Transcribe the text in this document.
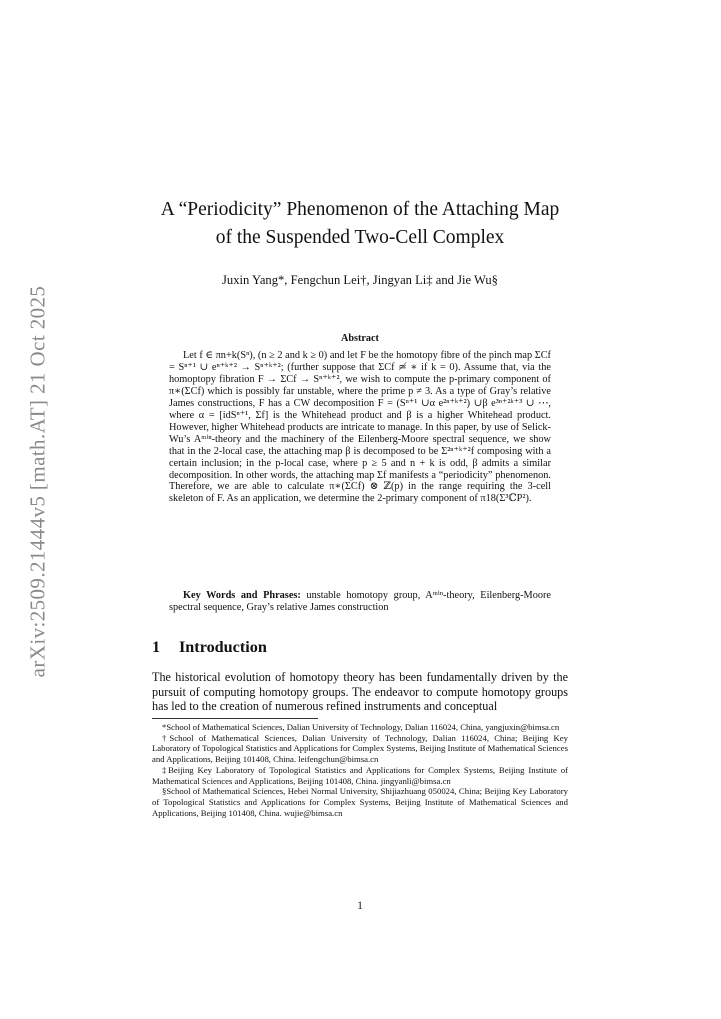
arXiv:2509.21444v5 [math.AT] 21 Oct 2025
A “Periodicity” Phenomenon of the Attaching Map of the Suspended Two-Cell Complex
Juxin Yang*, Fengchun Lei†, Jingyan Li‡ and Jie Wu§
Abstract
Let f ∈ πn+k(Sⁿ), (n ≥ 2 and k ≥ 0) and let F be the homotopy fibre of the pinch map ΣCf = Sⁿ⁺¹ ∪ eⁿ⁺ᵏ⁺² → Sⁿ⁺ᵏ⁺²; (further suppose that ΣCf ≄ ∗ if k = 0). Assume that, via the homoptopy fibration F → ΣCf → Sⁿ⁺ᵏ⁺², we wish to compute the p-primary component of π∗(ΣCf) which is possibly far unstable, where the prime p ≠ 3. As a type of Gray’s relative James constructions, F has a CW decomposition F = (Sⁿ⁺¹ ∪α e²ⁿ⁺ᵏ⁺²) ∪β e³ⁿ⁺²ᵏ⁺³ ∪ ⋯, where α = [idSⁿ⁺¹, Σf] is the Whitehead product and β is a higher Whitehead product. However, higher Whitehead products are intricate to manage. In this paper, by use of Selick-Wu’s Aᵐⁱⁿ-theory and the machinery of the Eilenberg-Moore spectral sequence, we show that in the 2-local case, the attaching map β is decomposed to be Σ²ⁿ⁺ᵏ⁺²f composing with a certain inclusion; in the p-local case, where p ≥ 5 and n + k is odd, β admits a similar decomposition. In other words, the attaching map Σf manifests a “periodicity” phenomenon. Therefore, we are able to calculate π∗(ΣCf) ⊗ ℤ(p) in the range requiring the 3-cell skeleton of F. As an application, we determine the 2-primary component of π18(Σ³ℂP²).
Key Words and Phrases: unstable homotopy group, Aᵐⁱⁿ-theory, Eilenberg-Moore spectral sequence, Gray’s relative James construction
1 Introduction
The historical evolution of homotopy theory has been fundamentally driven by the pursuit of computing homotopy groups. The endeavor to compute homotopy groups has led to the creation of numerous refined instruments and conceptual

*School of Mathematical Sciences, Dalian University of Technology, Dalian 116024, China, yangjuxin@bimsa.cn

†School of Mathematical Sciences, Dalian University of Technology, Dalian 116024, China; Beijing Key Laboratory of Topological Statistics and Applications for Complex Systems, Beijing Institute of Mathematical Sciences and Applications, Beijing 101408, China. leifengchun@bimsa.cn

‡Beijing Key Laboratory of Topological Statistics and Applications for Complex Systems, Beijing Institute of Mathematical Sciences and Applications, Beijing 101408, China. jingyanli@bimsa.cn

§School of Mathematical Sciences, Hebei Normal University, Shijiazhuang 050024, China; Beijing Key Laboratory of Topological Statistics and Applications for Complex Systems, Beijing Institute of Mathematical Sciences and Applications, Beijing 101408, China. wujie@bimsa.cn

1
